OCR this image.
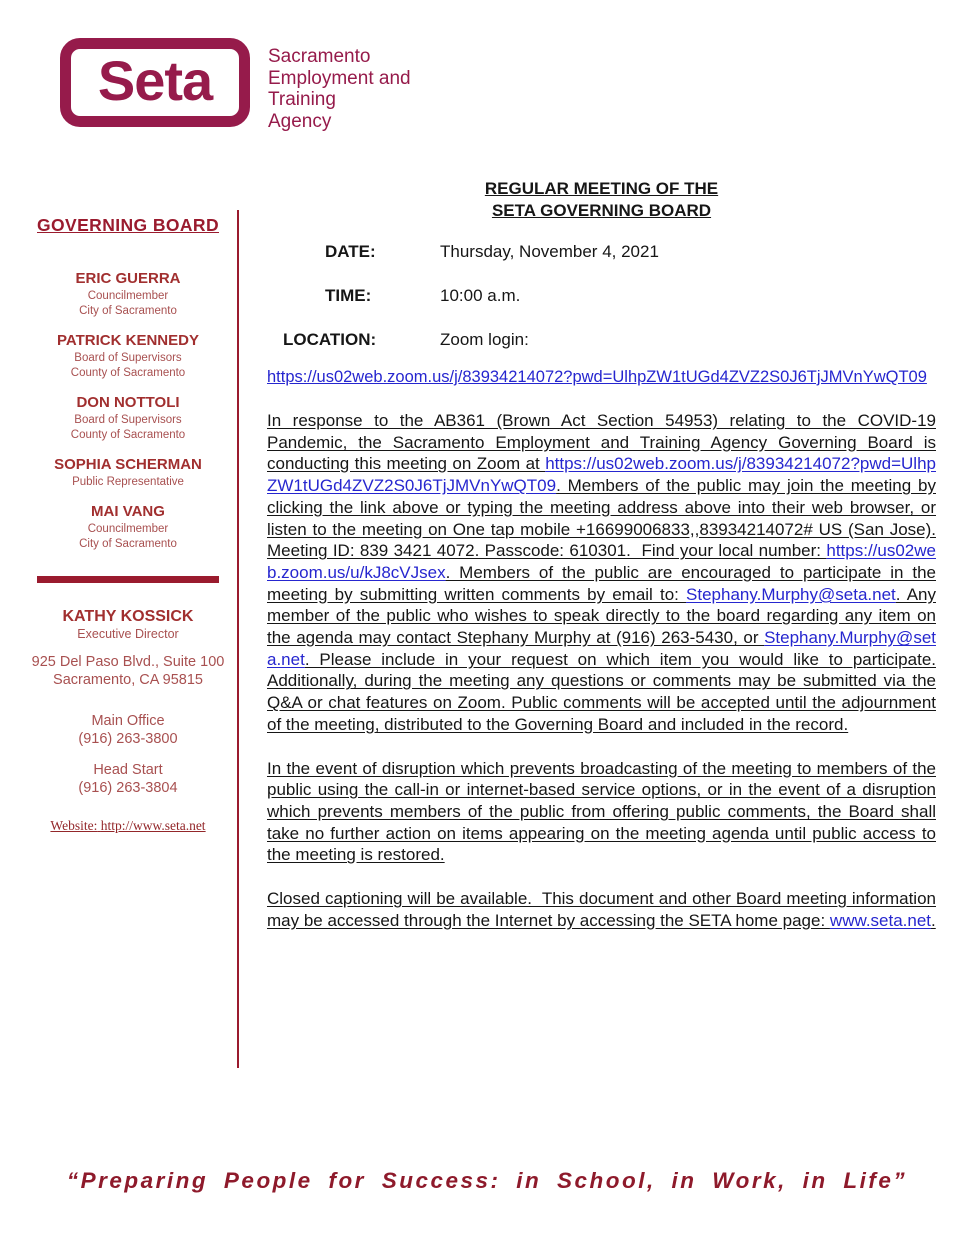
Seta	Sacramento
Employment and
Training
Agency
GOVERNING BOARD
ERIC GUERRA
Councilmember
City of Sacramento
PATRICK KENNEDY
Board of Supervisors
County of Sacramento
DON NOTTOLI
Board of Supervisors
County of Sacramento
SOPHIA SCHERMAN
Public Representative
MAI VANG
Councilmember
City of Sacramento
KATHY KOSSICK
Executive Director
925 Del Paso Blvd., Suite 100
Sacramento, CA 95815
Main Office
(916) 263-3800
Head Start
(916) 263-3804
Website: http://www.seta.net
REGULAR MEETING OF THE
SETA GOVERNING BOARD
DATE:	Thursday, November 4, 2021
TIME:	10:00 a.m.
LOCATION:	Zoom login:
https://us02web.zoom.us/j/83934214072?pwd=UlhpZW1tUGd4ZVZ2S0J6TjJMVnYwQT09

In response to the AB361 (Brown Act Section 54953) relating to the COVID-19 Pandemic, the Sacramento Employment and Training Agency Governing Board is conducting this meeting on Zoom at https://us02web.zoom.us/j/83934214072?pwd=UlhpZW1tUGd4ZVZ2S0J6TjJMVnYwQT09. Members of the public may join the meeting by clicking the link above or typing the meeting address above into their web browser, or listen to the meeting on One tap mobile +16699006833,,83934214072# US (San Jose). Meeting ID: 839 3421 4072. Passcode: 610301.  Find your local number: https://us02web.zoom.us/u/kJ8cVJsex. Members of the public are encouraged to participate in the meeting by submitting written comments by email to: Stephany.Murphy@seta.net. Any member of the public who wishes to speak directly to the board regarding any item on the agenda may contact Stephany Murphy at (916) 263-5430, or Stephany.Murphy@seta.net. Please include in your request on which item you would like to participate. Additionally, during the meeting any questions or comments may be submitted via the Q&A or chat features on Zoom. Public comments will be accepted until the adjournment of the meeting, distributed to the Governing Board and included in the record.

In the event of disruption which prevents broadcasting of the meeting to members of the public using the call-in or internet-based service options, or in the event of a disruption which prevents members of the public from offering public comments, the Board shall take no further action on items appearing on the meeting agenda until public access to the meeting is restored.

Closed captioning will be available.  This document and other Board meeting information may be accessed through the Internet by accessing the SETA home page: www.seta.net.

“Preparing People for Success: in School, in Work, in Life”
